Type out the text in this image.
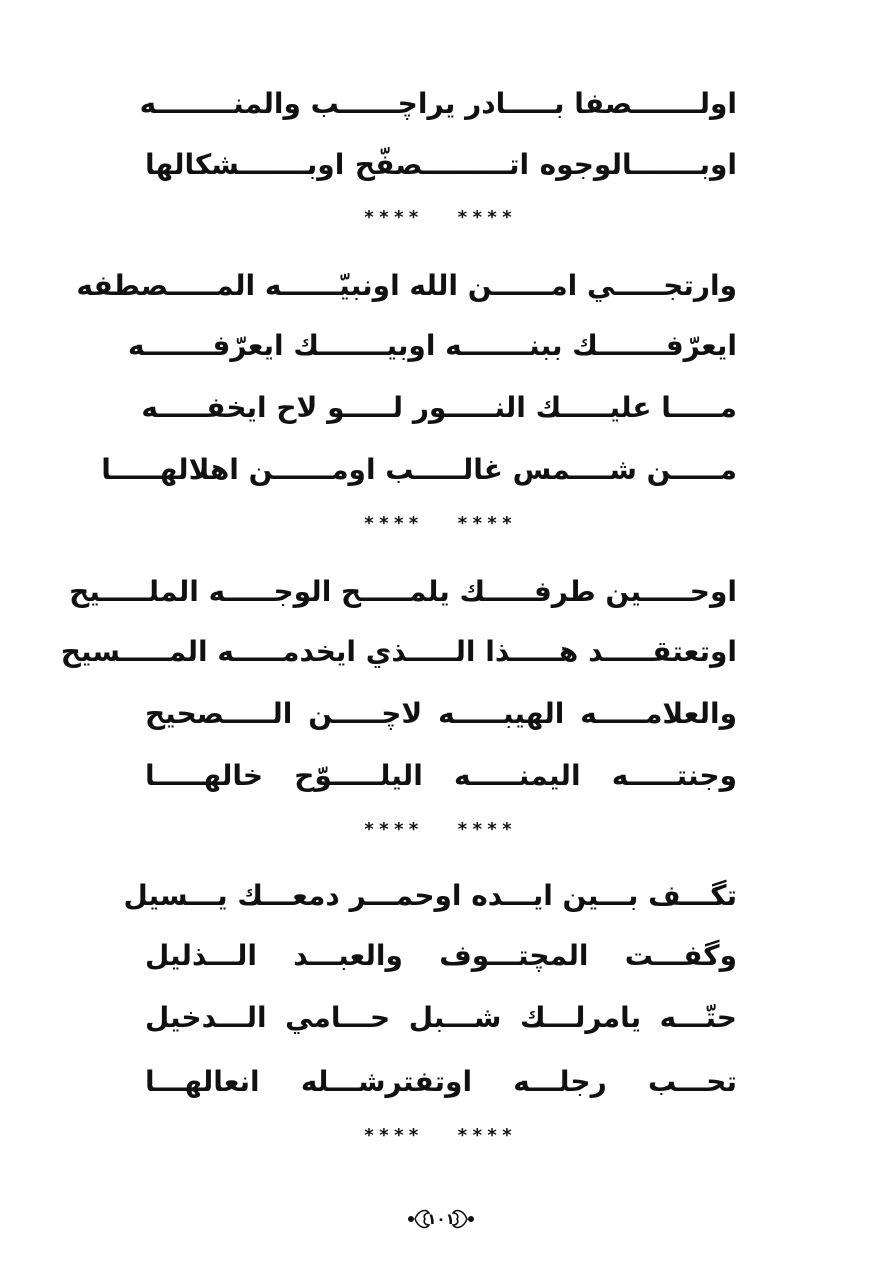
اولـــــــصفا بـــــادر يراچــــــب والمنــــــــه
اوبـــــــالوجوه اتـــــــــصفّح اوبـــــــشكالها
**** ****
وارتجـــــي امــــــن الله اونبيّــــــه المـــــصطفه
ايعرّفـــــــك ببنـــــــه اوبيـــــــك ايعرّفـــــــه
مـــــا عليـــــك النـــــور لـــــو لاح ايخفـــــه
مـــــن شــــمس غالـــــب اومــــــن اهلالهـــــا
**** ****
اوحـــــين طرفـــــك يلمـــــح الوجـــــه الملـــــيح
اوتعتقـــــد هـــــذا الـــــذي ايخدمـــــه المـــــسيح
والعلامـــــه الهيبـــــه لاچـــــن الـــــصحيح
وجنتـــــه اليمنـــــه اليلـــــوّح خالهـــــا
**** ****
تگـــف بـــين ايـــده اوحمـــر دمعـــك يـــسيل
وگفـــت المچتـــوف والعبـــد الـــذليل
حتّـــه يامرلـــك شـــبل حـــامي الـــدخيل
تحـــب رجلـــه اوتفترشـــله انعالهـــا
**** ****
١٠١
